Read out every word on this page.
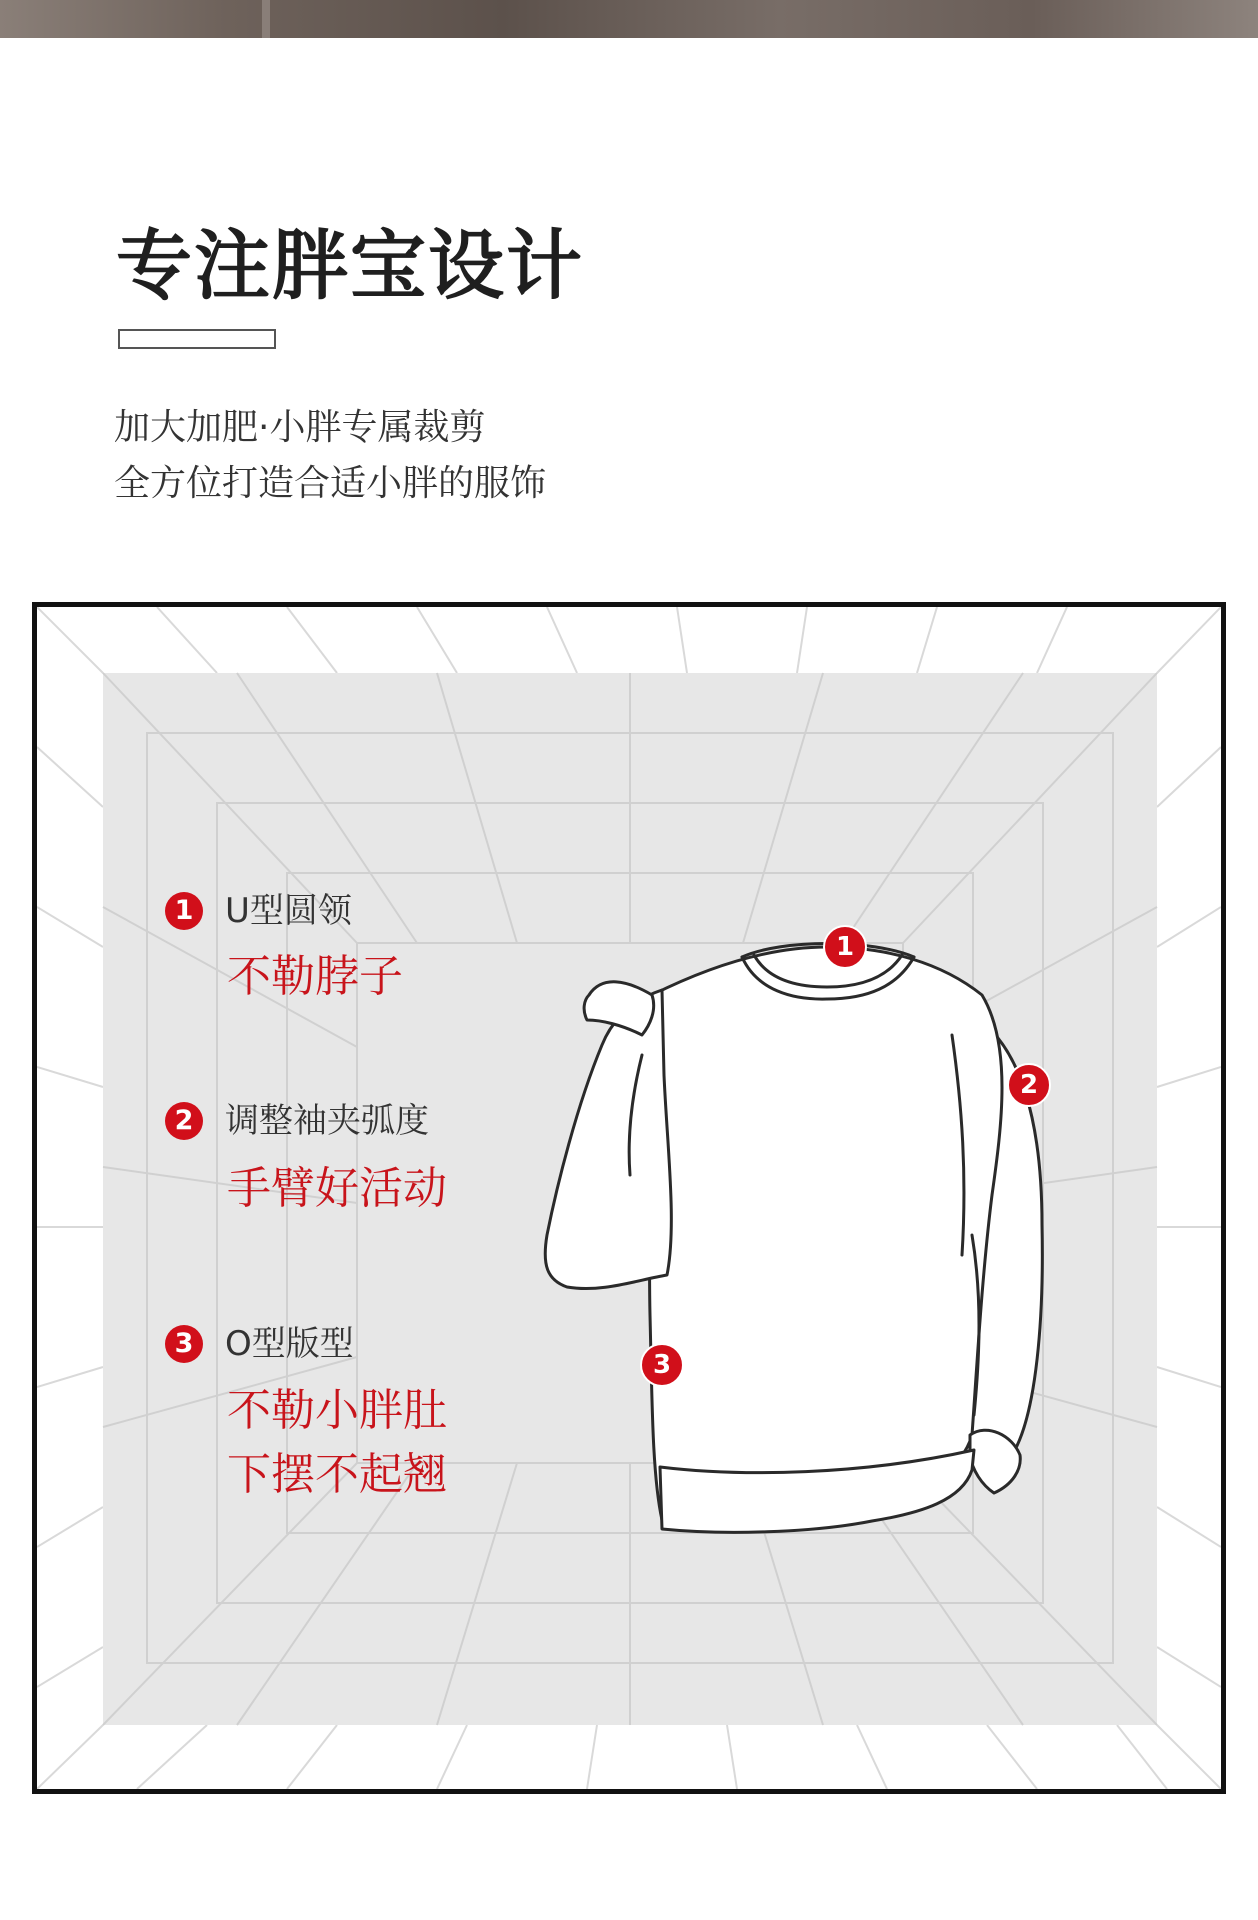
专注胖宝设计
加大加肥·小胖专属裁剪
全方位打造合适小胖的服饰
1 U型圆领
不勒脖子
2 调整袖夹弧度
手臂好活动
3 O型版型
不勒小胖肚
下摆不起翘
1
2
3
